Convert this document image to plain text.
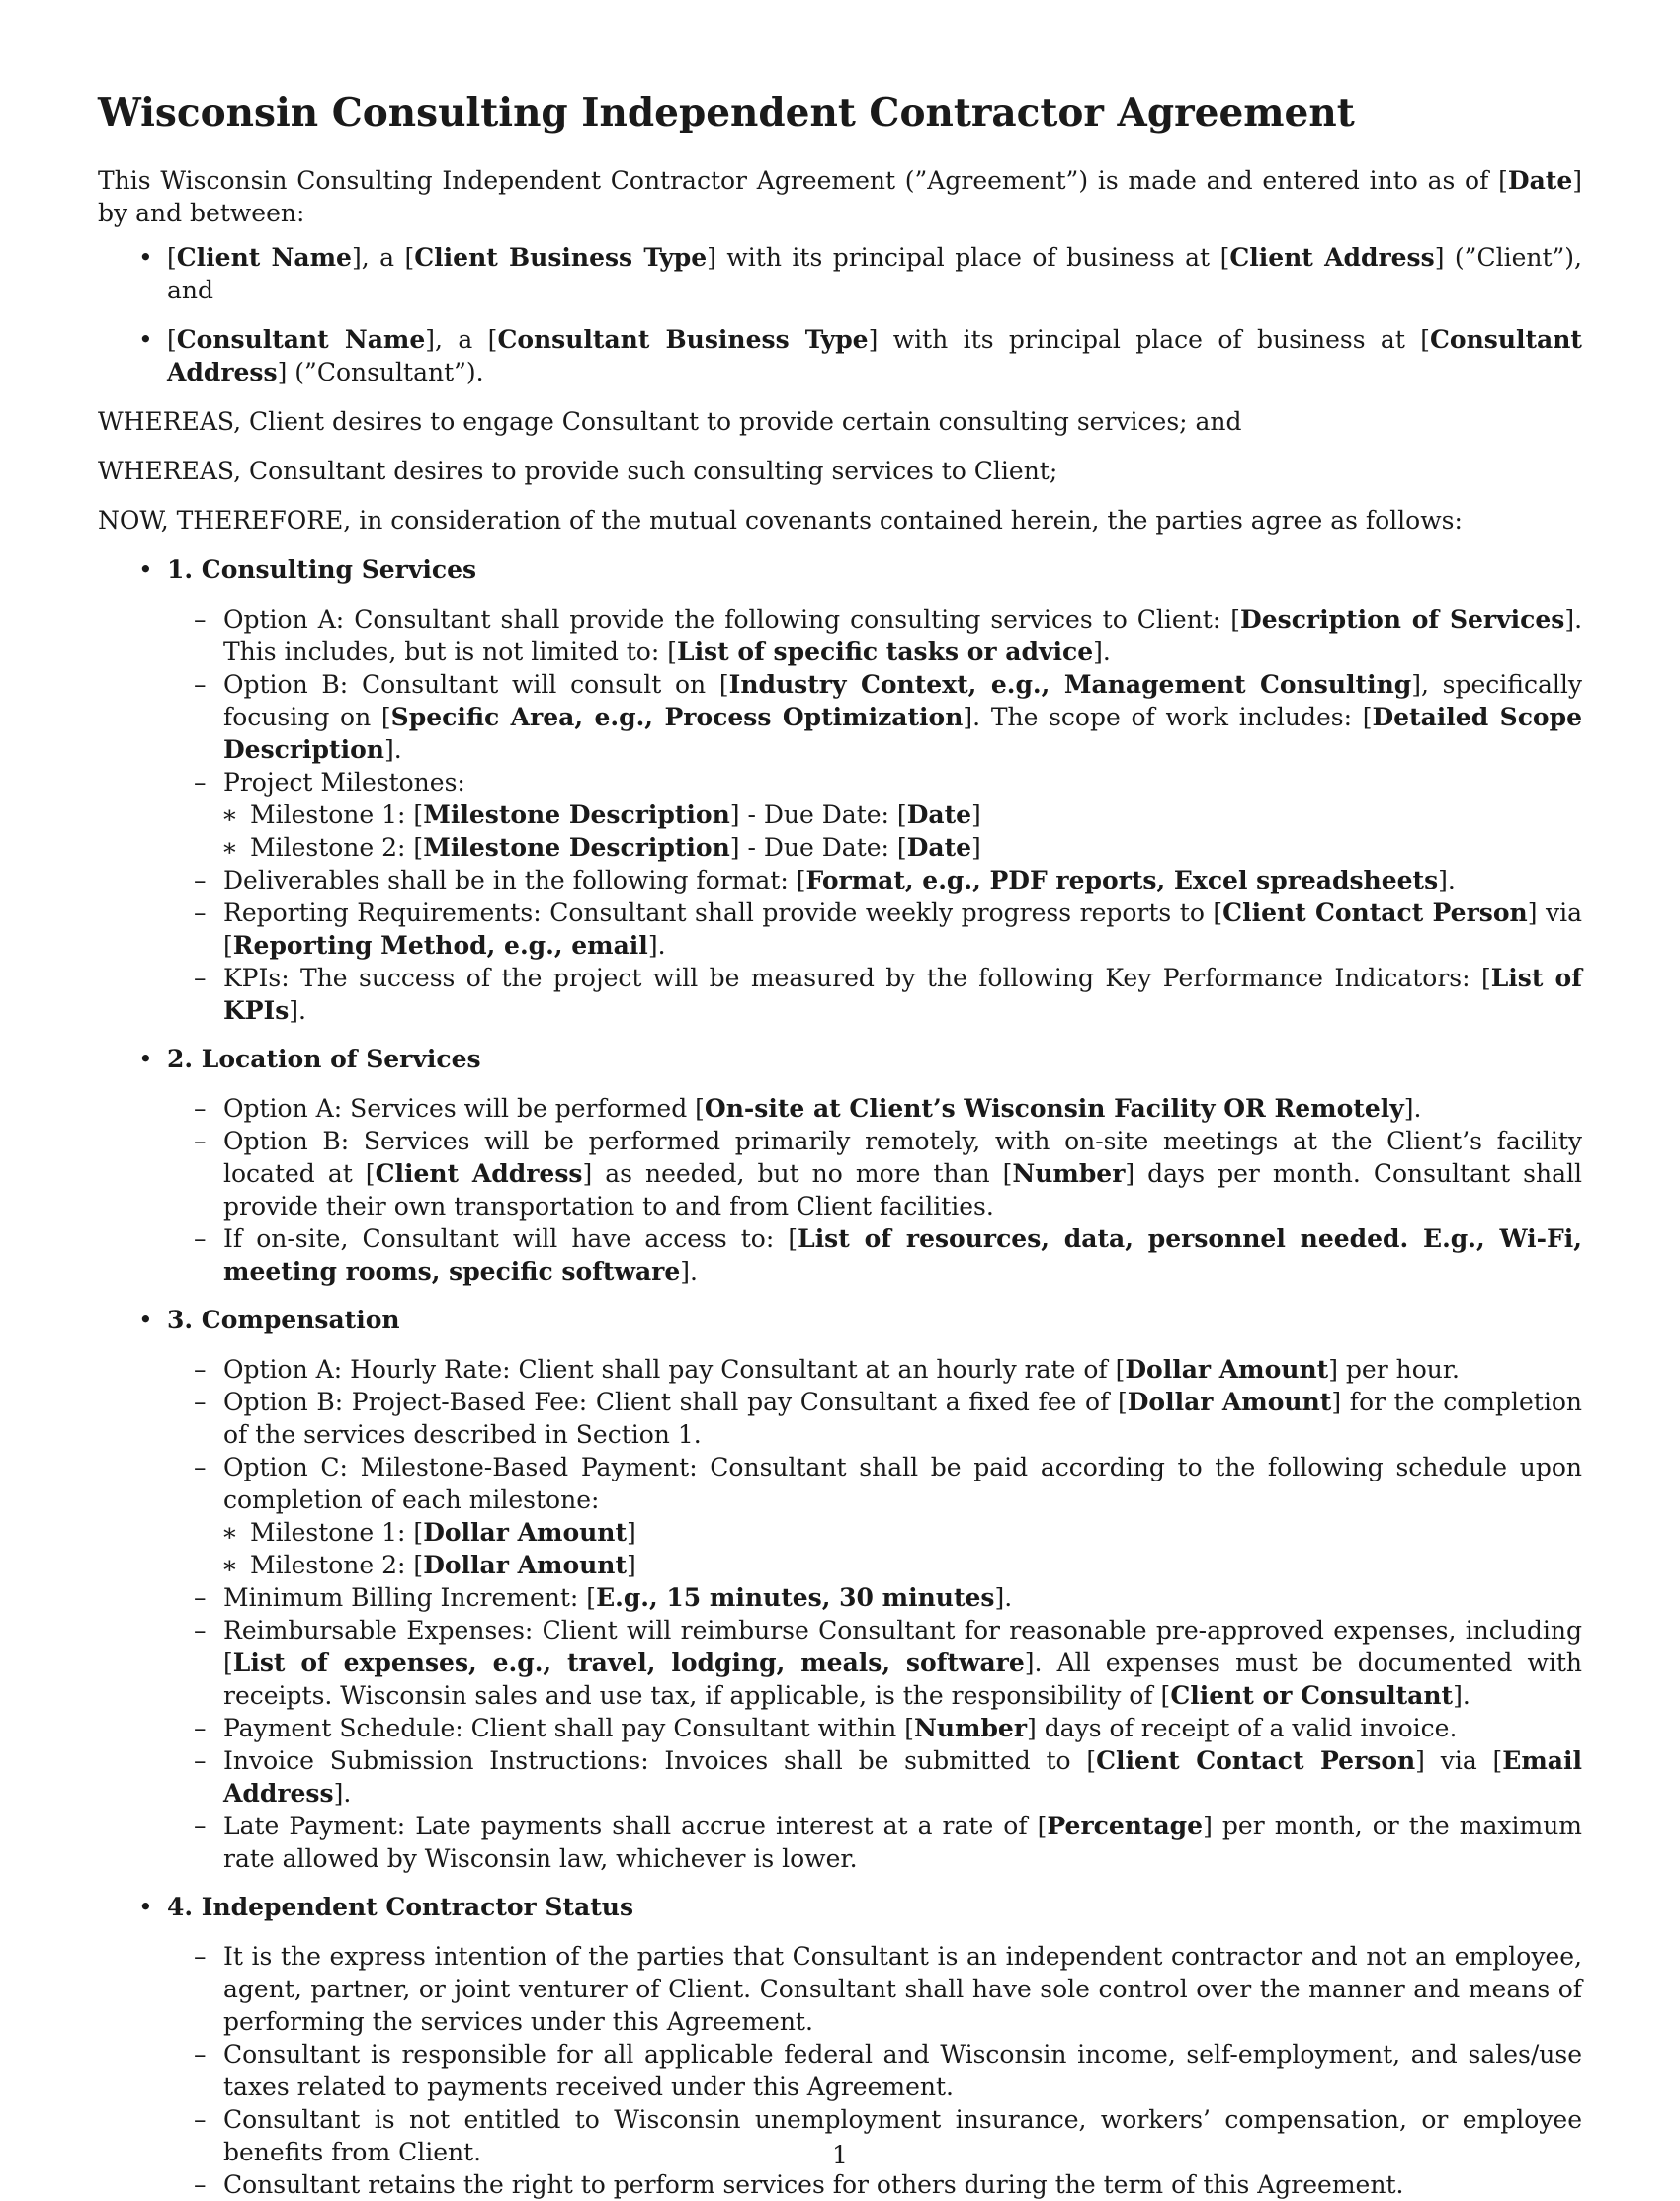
Wisconsin Consulting Independent Contractor Agreement

This Wisconsin Consulting Independent Contractor Agreement (”Agreement”) is made and entered into as of [Date] by and between:

• [Client Name], a [Client Business Type] with its principal place of business at [Client Address] (”Client”), and
• [Consultant Name], a [Consultant Business Type] with its principal place of business at [Consultant Address] (”Consultant”).

WHEREAS, Client desires to engage Consultant to provide certain consulting services; and

WHEREAS, Consultant desires to provide such consulting services to Client;

NOW, THEREFORE, in consideration of the mutual covenants contained herein, the parties agree as follows:

• 1. Consulting Services
– Option A: Consultant shall provide the following consulting services to Client: [Description of Services]. This includes, but is not limited to: [List of specific tasks or advice].
– Option B: Consultant will consult on [Industry Context, e.g., Management Consulting], specifically focusing on [Specific Area, e.g., Process Optimization]. The scope of work includes: [Detailed Scope Description].
– Project Milestones:
∗ Milestone 1: [Milestone Description] - Due Date: [Date]
∗ Milestone 2: [Milestone Description] - Due Date: [Date]
– Deliverables shall be in the following format: [Format, e.g., PDF reports, Excel spreadsheets].
– Reporting Requirements: Consultant shall provide weekly progress reports to [Client Contact Person] via [Reporting Method, e.g., email].
– KPIs: The success of the project will be measured by the following Key Performance Indicators: [List of KPIs].
• 2. Location of Services
– Option A: Services will be performed [On-site at Client’s Wisconsin Facility OR Remotely].
– Option B: Services will be performed primarily remotely, with on-site meetings at the Client’s facility located at [Client Address] as needed, but no more than [Number] days per month. Consultant shall provide their own transportation to and from Client facilities.
– If on-site, Consultant will have access to: [List of resources, data, personnel needed. E.g., Wi-Fi, meeting rooms, specific software].
• 3. Compensation
– Option A: Hourly Rate: Client shall pay Consultant at an hourly rate of [Dollar Amount] per hour.
– Option B: Project-Based Fee: Client shall pay Consultant a fixed fee of [Dollar Amount] for the completion of the services described in Section 1.
– Option C: Milestone-Based Payment: Consultant shall be paid according to the following schedule upon completion of each milestone:
∗ Milestone 1: [Dollar Amount]
∗ Milestone 2: [Dollar Amount]
– Minimum Billing Increment: [E.g., 15 minutes, 30 minutes].
– Reimbursable Expenses: Client will reimburse Consultant for reasonable pre-approved expenses, including [List of expenses, e.g., travel, lodging, meals, software]. All expenses must be documented with receipts. Wisconsin sales and use tax, if applicable, is the responsibility of [Client or Consultant].
– Payment Schedule: Client shall pay Consultant within [Number] days of receipt of a valid invoice.
– Invoice Submission Instructions: Invoices shall be submitted to [Client Contact Person] via [Email Address].
– Late Payment: Late payments shall accrue interest at a rate of [Percentage] per month, or the maximum rate allowed by Wisconsin law, whichever is lower.
• 4. Independent Contractor Status
– It is the express intention of the parties that Consultant is an independent contractor and not an employee, agent, partner, or joint venturer of Client. Consultant shall have sole control over the manner and means of performing the services under this Agreement.
– Consultant is responsible for all applicable federal and Wisconsin income, self-employment, and sales/use taxes related to payments received under this Agreement.
– Consultant is not entitled to Wisconsin unemployment insurance, workers’ compensation, or employee benefits from Client.
– Consultant retains the right to perform services for others during the term of this Agreement.
1
